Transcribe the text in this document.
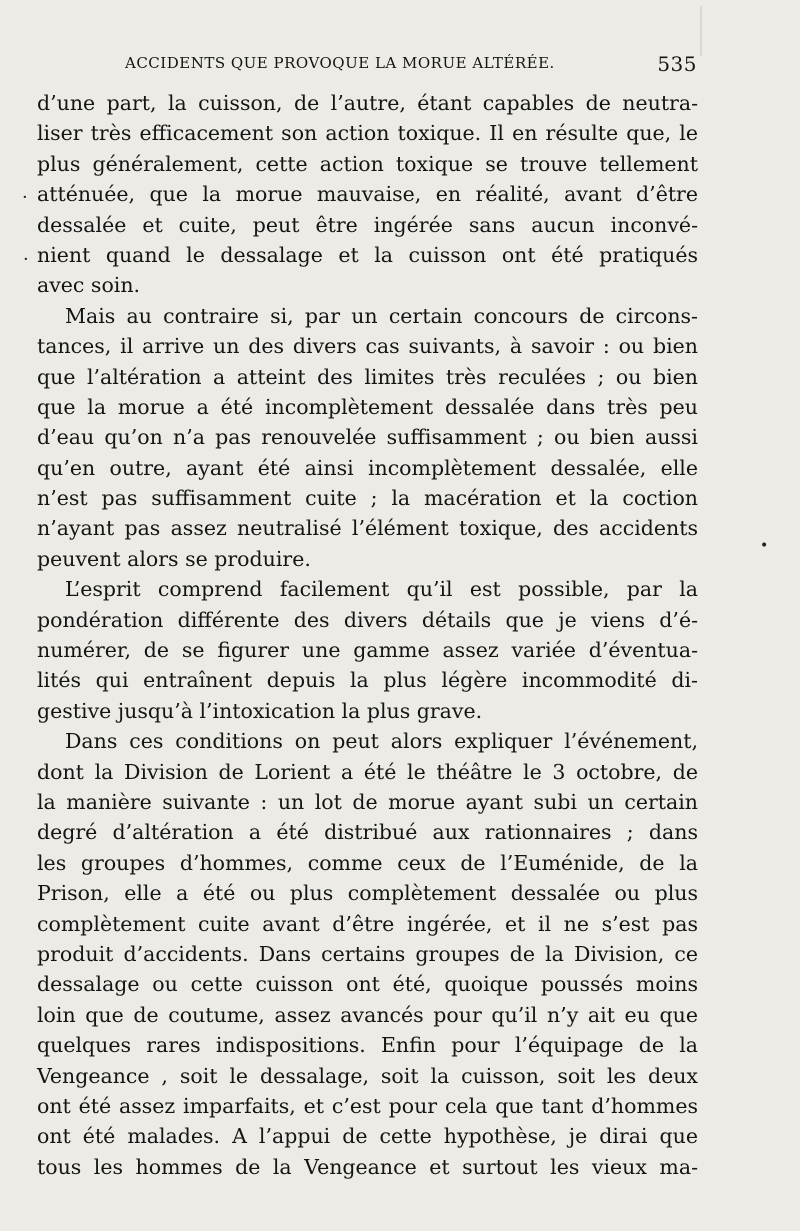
ACCIDENTS QUE PROVOQUE LA MORUE ALTÉRÉE.	535
·
·
•
d’une part, la cuisson, de l’autre, étant capables de neutra-
liser très efficacement son action toxique. Il en résulte que, le
plus généralement, cette action toxique se trouve tellement
atténuée, que la morue mauvaise, en réalité, avant d’être
dessalée et cuite, peut être ingérée sans aucun inconvé-
nient quand le dessalage et la cuisson ont été pratiqués
avec soin.
Mais au contraire si, par un certain concours de circons-
tances, il arrive un des divers cas suivants, à savoir : ou bien
que l’altération a atteint des limites très reculées ; ou bien
que la morue a été incomplètement dessalée dans très peu
d’eau qu’on n’a pas renouvelée suffisamment ; ou bien aussi
qu’en outre, ayant été ainsi incomplètement dessalée, elle
n’est pas suffisamment cuite ; la macération et la coction
n’ayant pas assez neutralisé l’élément toxique, des accidents
peuvent alors se produire.
L’esprit comprend facilement qu’il est possible, par la
pondération différente des divers détails que je viens d’é-
numérer, de se figurer une gamme assez variée d’éventua-
lités qui entraînent depuis la plus légère incommodité di-
gestive jusqu’à l’intoxication la plus grave.
Dans ces conditions on peut alors expliquer l’événement,
dont la Division de Lorient a été le théâtre le 3 octobre, de
la manière suivante : un lot de morue ayant subi un certain
degré d’altération a été distribué aux rationnaires ; dans
les groupes d’hommes, comme ceux de l’Euménide, de la
Prison, elle a été ou plus complètement dessalée ou plus
complètement cuite avant d’être ingérée, et il ne s’est pas
produit d’accidents. Dans certains groupes de la Division, ce
dessalage ou cette cuisson ont été, quoique poussés moins
loin que de coutume, assez avancés pour qu’il n’y ait eu que
quelques rares indispositions. Enfin pour l’équipage de la
Vengeance , soit le dessalage, soit la cuisson, soit les deux
ont été assez imparfaits, et c’est pour cela que tant d’hommes
ont été malades. A l’appui de cette hypothèse, je dirai que
tous les hommes de la Vengeance et surtout les vieux ma-
